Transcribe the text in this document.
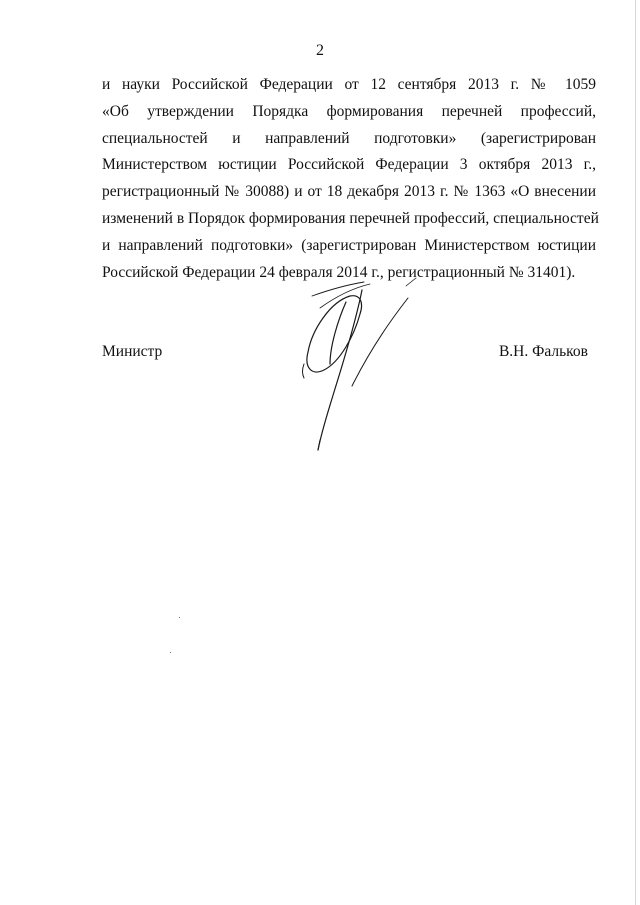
2

и науки Российской Федерации от 12 сентября 2013 г. № 1059
«Об утверждении Порядка формирования перечней профессий,
специальностей и направлений подготовки» (зарегистрирован
Министерством юстиции Российской Федерации 3 октября 2013 г.,
регистрационный № 30088) и от 18 декабря 2013 г. № 1363 «О внесении
изменений в Порядок формирования перечней профессий, специальностей
и направлений подготовки» (зарегистрирован Министерством юстиции
Российской Федерации 24 февраля 2014 г., регистрационный № 31401).

Министр	В.Н. Фальков
